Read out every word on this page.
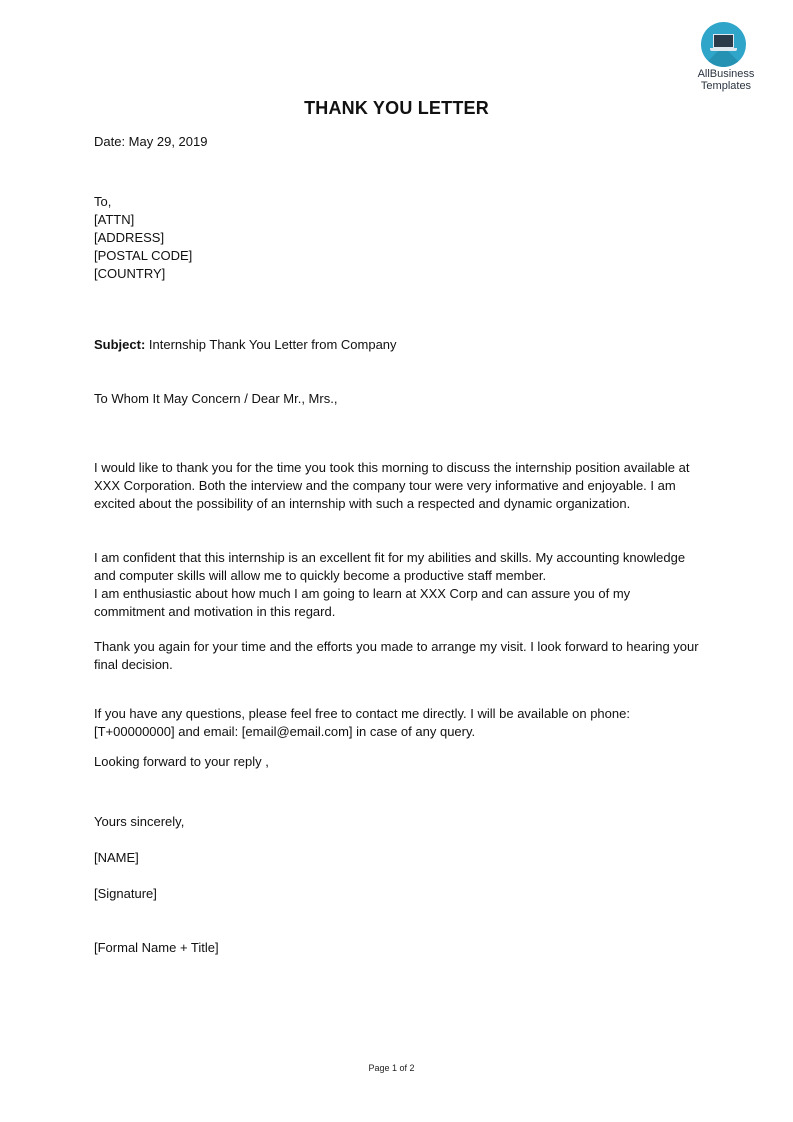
AllBusiness
Templates
THANK YOU LETTER
Date: May 29, 2019
To,
[ATTN]
[ADDRESS]
[POSTAL CODE]
[COUNTRY]
Subject: Internship Thank You Letter from Company
To Whom It May Concern / Dear Mr., Mrs.,
I would like to thank you for the time you took this morning to discuss the internship position available at XXX Corporation. Both the interview and the company tour were very informative and enjoyable. I am excited about the possibility of an internship with such a respected and dynamic organization.
I am confident that this internship is an excellent fit for my abilities and skills. My accounting knowledge and computer skills will allow me to quickly become a productive staff member.
I am enthusiastic about how much I am going to learn at XXX Corp and can assure you of my commitment and motivation in this regard.
Thank you again for your time and the efforts you made to arrange my visit. I look forward to hearing your final decision.
If you have any questions, please feel free to contact me directly. I will be available on phone: [T+00000000] and email: [email@email.com] in case of any query.
Looking forward to your reply ,
Yours sincerely,
[NAME]
[Signature]
[Formal Name + Title]
Page 1 of 2
